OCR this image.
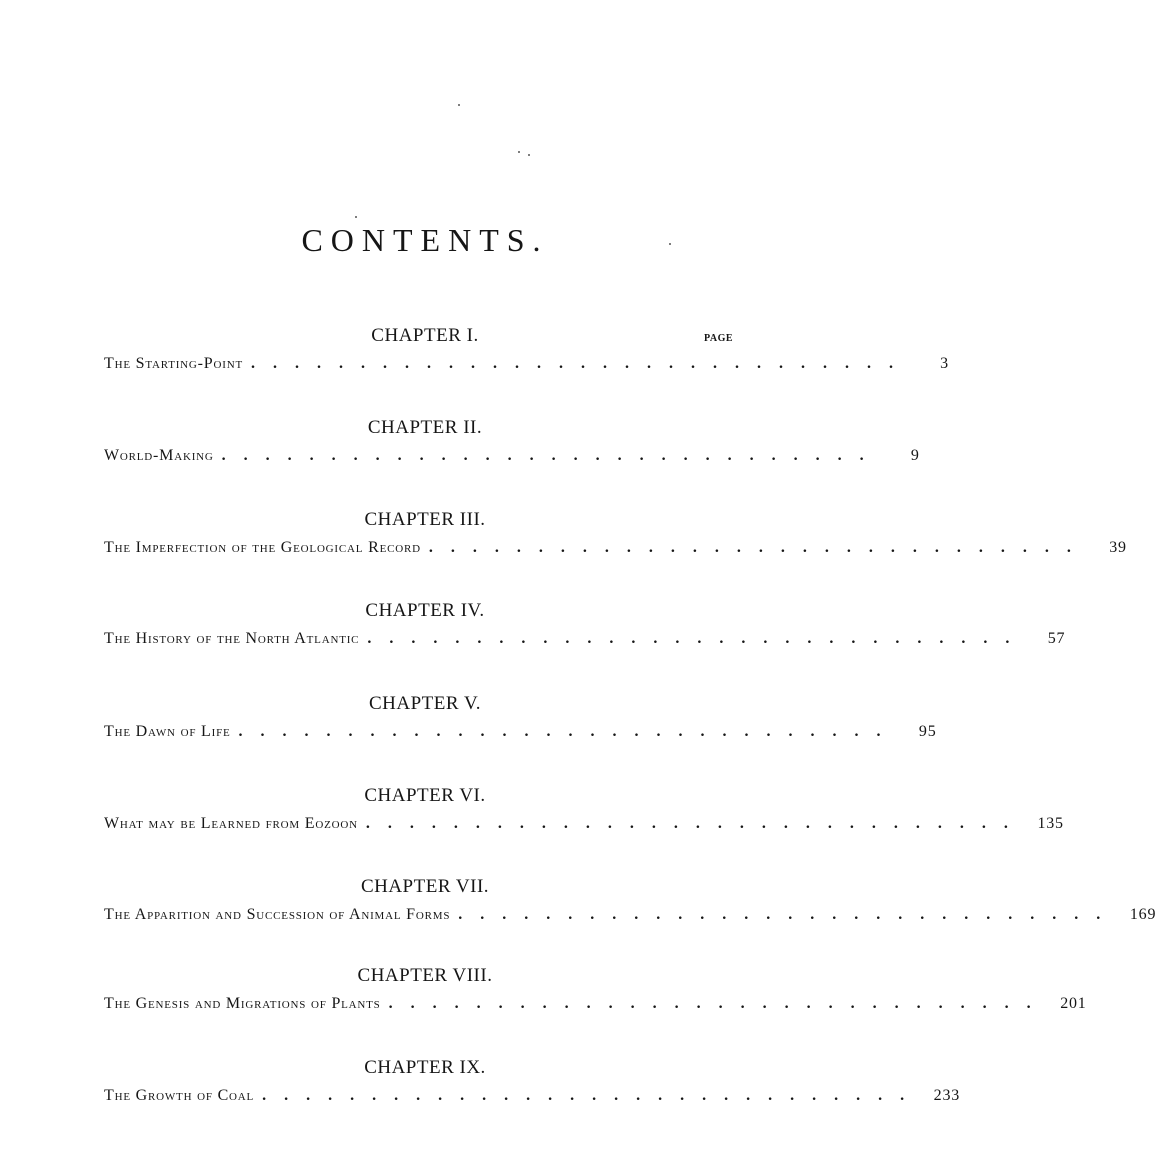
CONTENTS.
PAGE
CHAPTER I.
The Starting-Point ..............................	3
CHAPTER II.
World-Making ..............................	9
CHAPTER III.
The Imperfection of the Geological Record ..............................	39
CHAPTER IV.
The History of the North Atlantic ..............................	57
CHAPTER V.
The Dawn of Life ..............................	95
CHAPTER VI.
What may be Learned from Eozoon .............................. 135
CHAPTER VII.
The Apparition and Succession of Animal Forms .............................. 169
CHAPTER VIII.
The Genesis and Migrations of Plants .............................. 201
CHAPTER IX.
The Growth of Coal .............................. 233
